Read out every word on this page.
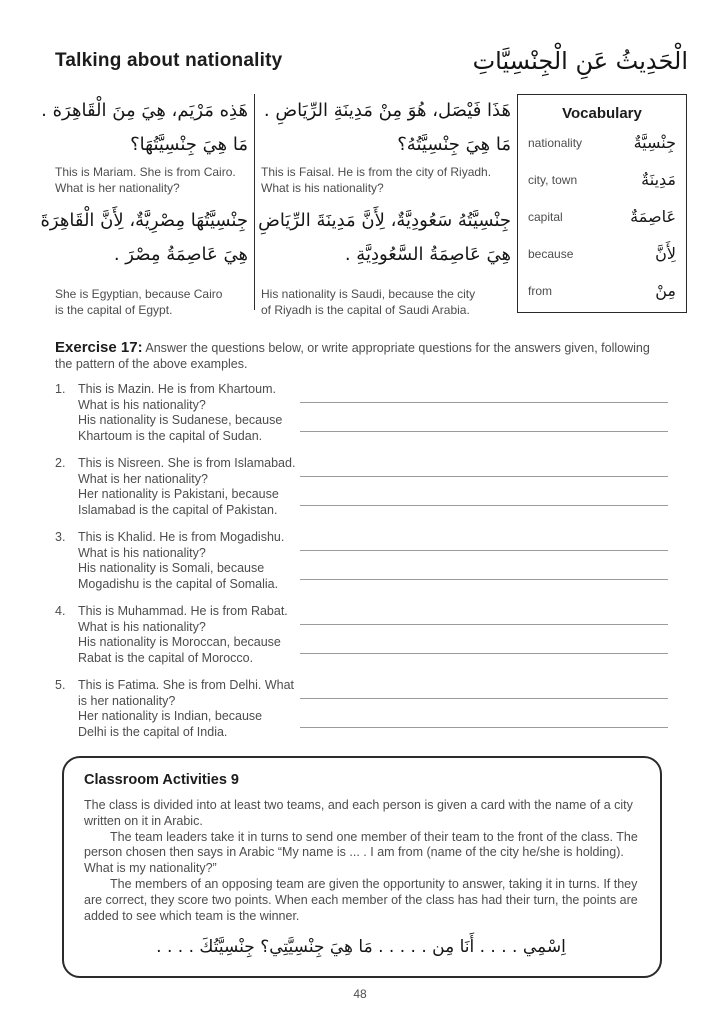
Talking about nationality	الْحَدِيثُ عَنِ الْجِنْسِيَّاتِ
هَذِه مَرْيَم، هِيَ مِنَ الْقَاهِرَة .
مَا هِيَ جِنْسِيَّتُهَا؟
This is Mariam. She is from Cairo.
What is her nationality?
جِنْسِيَّتُهَا مِصْرِيَّةٌ، لِأَنَّ الْقَاهِرَةَ
هِيَ عَاصِمَةُ مِصْرَ .
She is Egyptian, because Cairo
is the capital of Egypt.
هَذَا فَيْصَل، هُوَ مِنْ مَدِينَةِ الرِّيَاضِ .
مَا هِيَ جِنْسِيَّتُهُ؟
This is Faisal. He is from the city of Riyadh.
What is his nationality?
جِنْسِيَّتُهُ سَعُودِيَّةٌ، لِأَنَّ مَدِينَةَ الرِّيَاضِ
هِيَ عَاصِمَةُ السَّعُودِيَّةِ .
His nationality is Saudi, because the city
of Riyadh is the capital of Saudi Arabia.
Vocabulary
nationality	جِنْسِيَّةٌ
city, town	مَدِينَةٌ
capital	عَاصِمَةٌ
because	لِأَنَّ
from	مِنْ

Exercise 17: Answer the questions below, or write appropriate questions for the answers given, following the pattern of the above examples.

1.	This is Mazin. He is from Khartoum.
What is his nationality?
His nationality is Sudanese, because
Khartoum is the capital of Sudan.
2.	This is Nisreen. She is from Islamabad.
What is her nationality?
Her nationality is Pakistani, because
Islamabad is the capital of Pakistan.
3.	This is Khalid. He is from Mogadishu.
What is his nationality?
His nationality is Somali, because
Mogadishu is the capital of Somalia.
4.	This is Muhammad. He is from Rabat.
What is his nationality?
His nationality is Moroccan, because
Rabat is the capital of Morocco.
5.	This is Fatima. She is from Delhi. What
is her nationality?
Her nationality is Indian, because
Delhi is the capital of India.
Classroom Activities 9

The class is divided into at least two teams, and each person is given a card with the name of a city written on it in Arabic.

The team leaders take it in turns to send one member of their team to the front of the class. The person chosen then says in Arabic “My name is ... . I am from (name of the city he/she is holding). What is my nationality?”

The members of an opposing team are given the opportunity to answer, taking it in turns. If they are correct, they score two points. When each member of the class has had their turn, the points are added to see which team is the winner.

اِسْمِي . . . . أَنَا مِن . . . . . مَا هِيَ جِنْسِيَّتِي؟ جِنْسِيَّتُكَ . . . .
48
